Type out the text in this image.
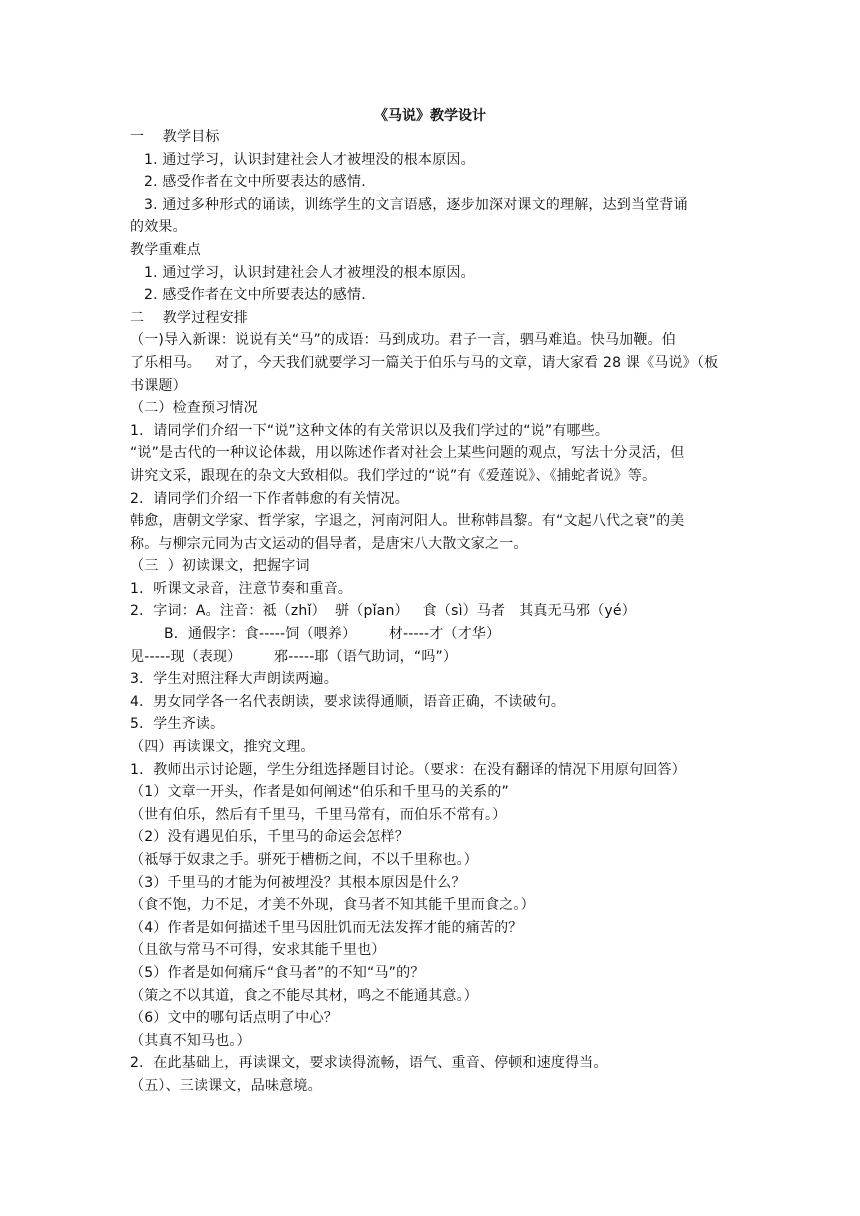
《马说》教学设计
一    教学目标
1. 通过学习，认识封建社会人才被埋没的根本原因。
2. 感受作者在文中所要表达的感情.
3. 通过多种形式的诵读，训练学生的文言语感，逐步加深对课文的理解，达到当堂背诵
的效果。
教学重难点
1. 通过学习，认识封建社会人才被埋没的根本原因。
2. 感受作者在文中所要表达的感情.
二    教学过程安排
（一)导入新课：说说有关“马”的成语：马到成功。君子一言，驷马难追。快马加鞭。伯
了乐相马。   对了，今天我们就要学习一篇关于伯乐与马的文章，请大家看 28 课《马说》（板
书课题）
（二）检查预习情况
1．请同学们介绍一下“说”这种文体的有关常识以及我们学过的“说”有哪些。
“说”是古代的一种议论体裁，用以陈述作者对社会上某些问题的观点，写法十分灵活，但
讲究文采，跟现在的杂文大致相似。我们学过的“说”有《爱莲说》、《捕蛇者说》等。
2．请同学们介绍一下作者韩愈的有关情况。
韩愈，唐朝文学家、哲学家，字退之，河南河阳人。世称韩昌黎。有“文起八代之衰”的美
称。与柳宗元同为古文运动的倡导者，是唐宋八大散文家之一。
（三  ）初读课文，把握字词
1．听课文录音，注意节奏和重音。
2．字词：A。注音：祗（zhǐ）  骈（pǐan）   食（sì）马者   其真无马邪（yé）
B．通假字：食-----饲（喂养）       材-----才（才华）
见-----现（表现）       邪-----耶（语气助词，“吗”）
3．学生对照注释大声朗读两遍。
4．男女同学各一名代表朗读，要求读得通顺，语音正确，不读破句。
5．学生齐读。
（四）再读课文，推究文理。
1．教师出示讨论题，学生分组选择题目讨论。（要求：在没有翻译的情况下用原句回答）
（1）文章一开头，作者是如何阐述“伯乐和千里马的关系的”
（世有伯乐，然后有千里马，千里马常有，而伯乐不常有。）
（2）没有遇见伯乐，千里马的命运会怎样？
（祗辱于奴隶之手。骈死于槽枥之间，不以千里称也。）
（3）千里马的才能为何被埋没？其根本原因是什么？
（食不饱，力不足，才美不外现，食马者不知其能千里而食之。）
（4）作者是如何描述千里马因肚饥而无法发挥才能的痛苦的？
（且欲与常马不可得，安求其能千里也）
（5）作者是如何痛斥“食马者”的不知“马”的？
（策之不以其道，食之不能尽其材，鸣之不能通其意。）
（6）文中的哪句话点明了中心？
（其真不知马也。）
2．在此基础上，再读课文，要求读得流畅，语气、重音、停顿和速度得当。
（五）、三读课文，品味意境。
